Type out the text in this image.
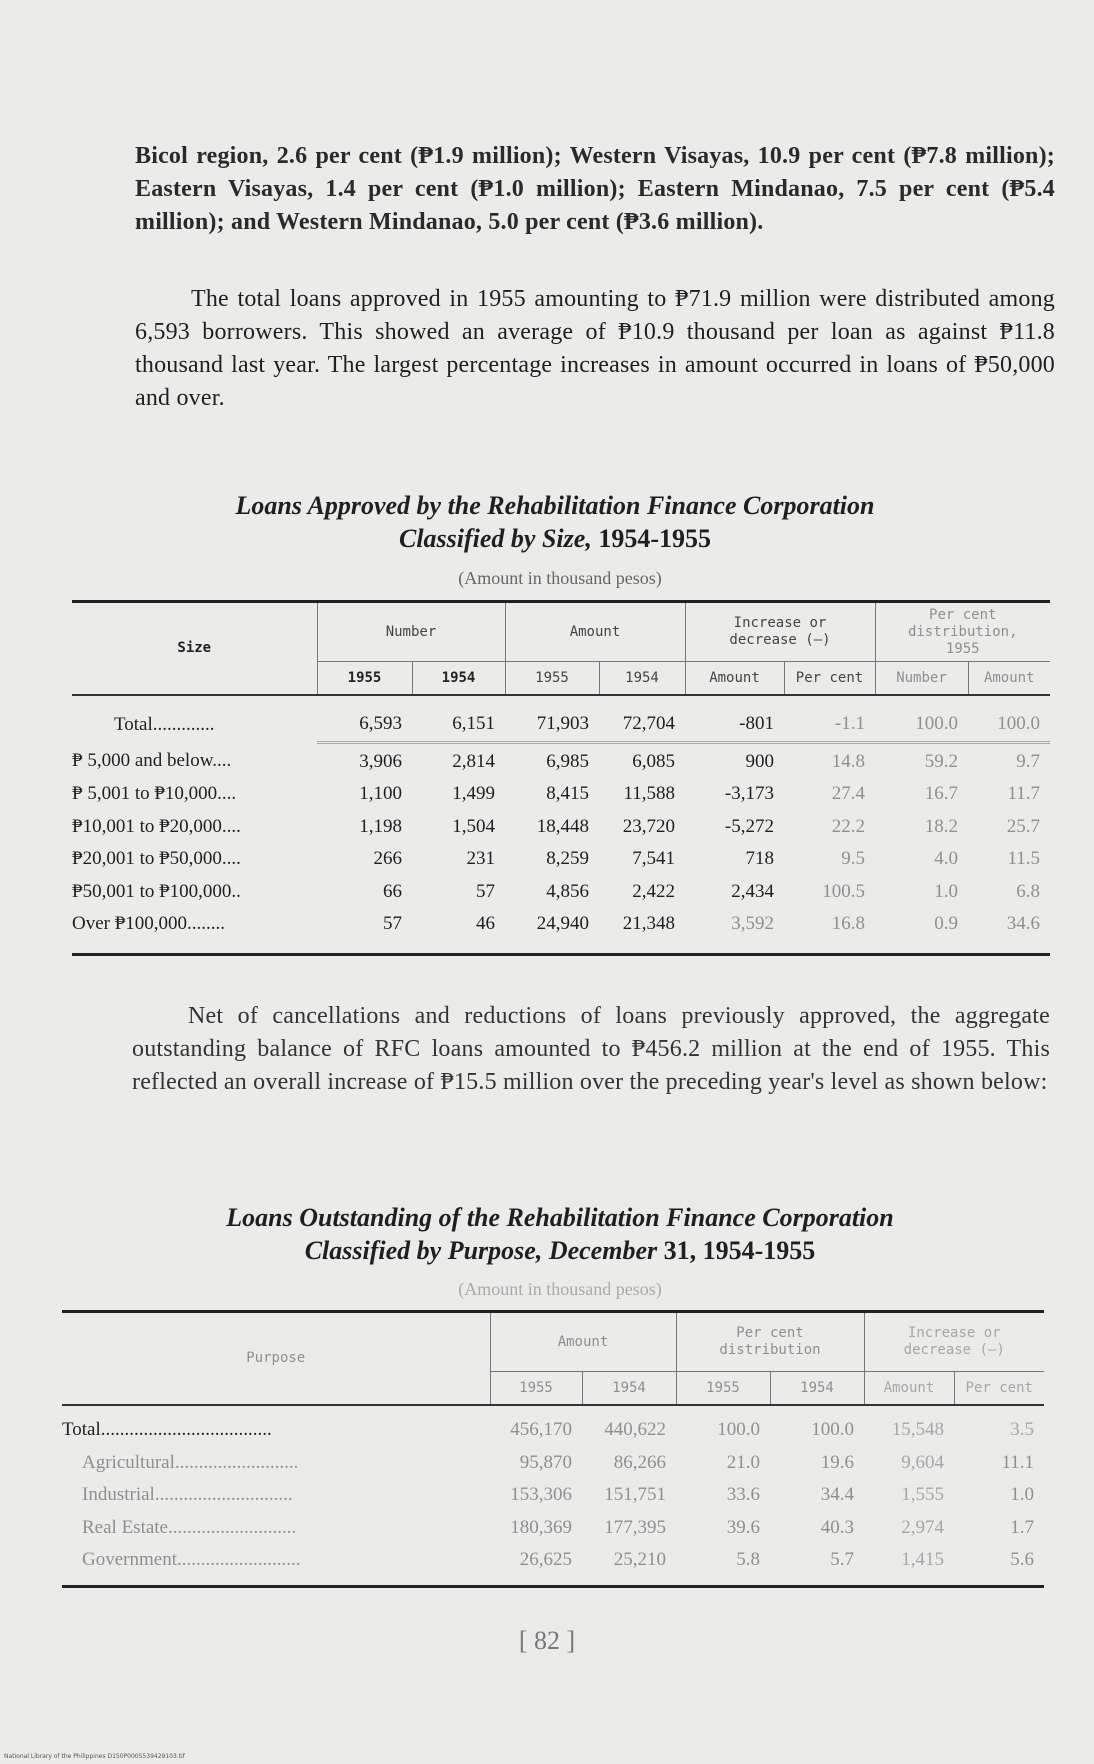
Bicol region, 2.6 per cent (₱1.9 million); Western Visayas, 10.9 per cent (₱7.8 million); Eastern Visayas, 1.4 per cent (₱1.0 million); Eastern Mindanao, 7.5 per cent (₱5.4 million); and Western Mindanao, 5.0 per cent (₱3.6 million).
The total loans approved in 1955 amounting to ₱71.9 million were distributed among 6,593 borrowers. This showed an average of ₱10.9 thousand per loan as against ₱11.8 thousand last year. The largest percentage increases in amount occurred in loans of ₱50,000 and over.
Loans Approved by the Rehabilitation Finance Corporation
Classified by Size, 1954-1955
(Amount in thousand pesos)
Size	Number		Amount		Increase or decrease (—)		Per cent distribution, 1955	
	1955	1954	1955	1954	Amount	Per cent	Number	Amount

Total.............	6,593	6,151	71,903	72,704	-801	-1.1	100.0	100.0
₱ 5,000 and below....	3,906	2,814	6,985	6,085	900	14.8	59.2	9.7
₱ 5,001 to ₱10,000....	1,100	1,499	8,415	11,588	-3,173	27.4	16.7	11.7
₱10,001 to ₱20,000....	1,198	1,504	18,448	23,720	-5,272	22.2	18.2	25.7
₱20,001 to ₱50,000....	266	231	8,259	7,541	718	9.5	4.0	11.5
₱50,001 to ₱100,000..	66	57	4,856	2,422	2,434	100.5	1.0	6.8
Over ₱100,000........	57	46	24,940	21,348	3,592	16.8	0.9	34.6

Net of cancellations and reductions of loans previously approved, the aggregate outstanding balance of RFC loans amounted to ₱456.2 million at the end of 1955. This reflected an overall increase of ₱15.5 million over the preceding year's level as shown below:
Loans Outstanding of the Rehabilitation Finance Corporation
Classified by Purpose, December 31, 1954-1955
(Amount in thousand pesos)
Purpose	Amount		Per cent distribution		Increase or decrease (—)	
	1955	1954	1955	1954	Amount	Per cent

Total....................................	456,170	440,622	100.0	100.0	15,548	3.5
Agricultural..........................	95,870	86,266	21.0	19.6	9,604	11.1
Industrial.............................	153,306	151,751	33.6	34.4	1,555	1.0
Real Estate...........................	180,369	177,395	39.6	40.3	2,974	1.7
Government..........................	26,625	25,210	5.8	5.7	1,415	5.6

[ 82 ]
National Library of the Philippines D150P0005539429103.tif
